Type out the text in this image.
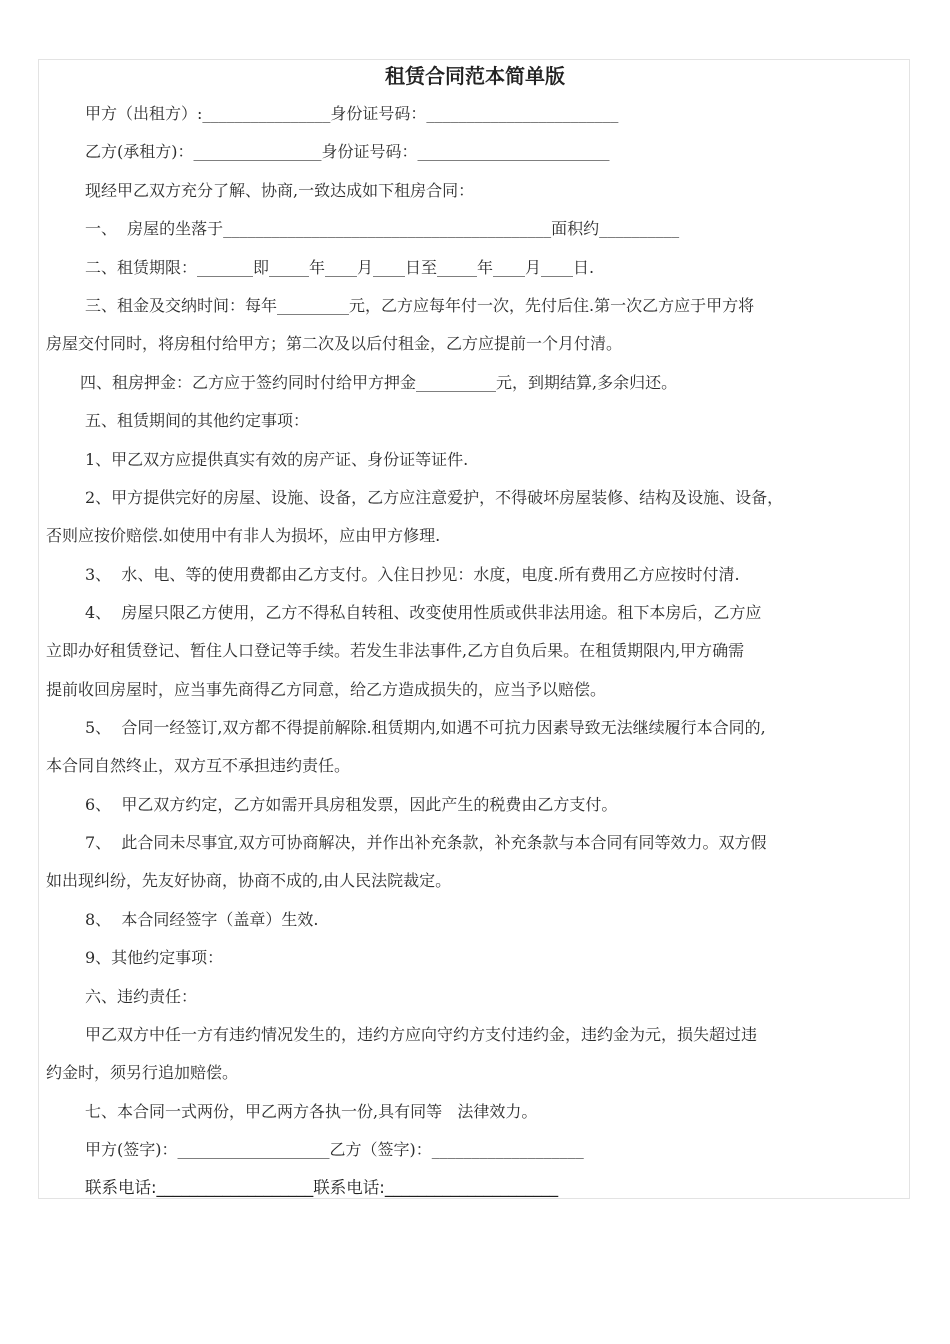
租赁合同范本简单版
甲方（出租方）:________________身份证号码：________________________
乙方(承租方)：________________身份证号码：________________________
现经甲乙双方充分了解、协商,一致达成如下租房合同：
一、  房屋的坐落于_________________________________________面积约__________
二、租赁期限：_______即_____年____月____日至_____年____月____日.
三、租金及交纳时间：每年_________元，乙方应每年付一次，先付后住.第一次乙方应于甲方将
房屋交付同时，将房租付给甲方；第二次及以后付租金，乙方应提前一个月付清。
四、租房押金：乙方应于签约同时付给甲方押金__________元，到期结算,多余归还。
五、租赁期间的其他约定事项：
1、甲乙双方应提供真实有效的房产证、身份证等证件.
2、甲方提供完好的房屋、设施、设备，乙方应注意爱护，不得破坏房屋装修、结构及设施、设备，
否则应按价赔偿.如使用中有非人为损坏，应由甲方修理.
3、  水、电、等的使用费都由乙方支付。入住日抄见：水度，电度.所有费用乙方应按时付清.
4、  房屋只限乙方使用，乙方不得私自转租、改变使用性质或供非法用途。租下本房后，乙方应
立即办好租赁登记、暂住人口登记等手续。若发生非法事件,乙方自负后果。在租赁期限内,甲方确需
提前收回房屋时，应当事先商得乙方同意，给乙方造成损失的，应当予以赔偿。
5、  合同一经签订,双方都不得提前解除.租赁期内,如遇不可抗力因素导致无法继续履行本合同的,
本合同自然终止，双方互不承担违约责任。
6、  甲乙双方约定，乙方如需开具房租发票，因此产生的税费由乙方支付。
7、  此合同未尽事宜,双方可协商解决，并作出补充条款，补充条款与本合同有同等效力。双方假
如出现纠纷，先友好协商，协商不成的,由人民法院裁定。
8、  本合同经签字（盖章）生效.
9、其他约定事项：
六、违约责任：
甲乙双方中任一方有违约情况发生的，违约方应向守约方支付违约金，违约金为元，损失超过违
约金时，须另行追加赔偿。
七、本合同一式两份，甲乙两方各执一份,具有同等   法律效力。
甲方(签字)：___________________乙方（签字)：___________________
联系电话:___________________联系电话:_____________________
